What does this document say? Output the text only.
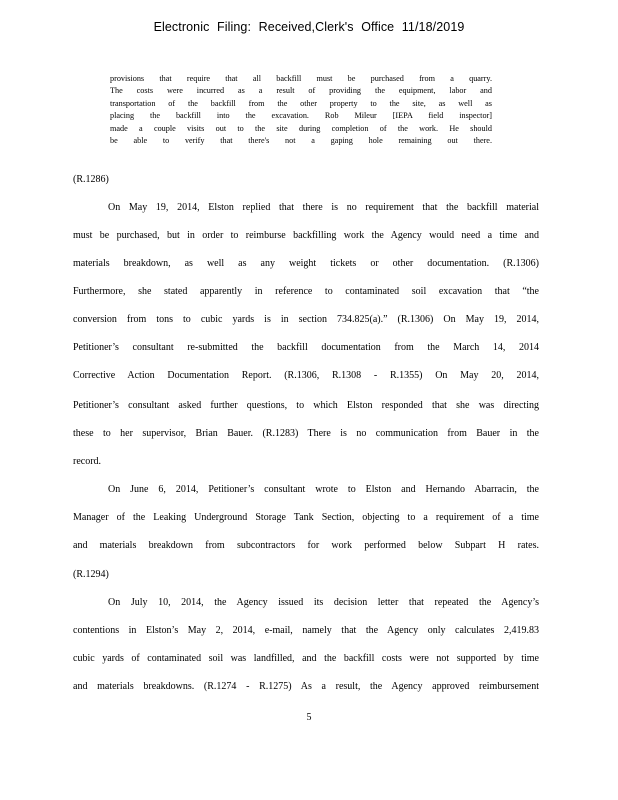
Electronic Filing: Received,Clerk's Office 11/18/2019
provisions that require that all backfill must be purchased from a quarry.
The costs were incurred as a result of providing the equipment, labor and
transportation of the backfill from the other property to the site, as well as
placing the backfill into the excavation. Rob Mileur [IEPA field inspector]
made a couple visits out to the site during completion of the work. He should
be able to verify that there's not a gaping hole remaining out there.
(R.1286)
On May 19, 2014, Elston replied that there is no requirement that the backfill material
must be purchased, but in order to reimburse backfilling work the Agency would need a time and
materials breakdown, as well as any weight tickets or other documentation. (R.1306)
Furthermore, she stated apparently in reference to contaminated soil excavation that “the
conversion from tons to cubic yards is in section 734.825(a).” (R.1306) On May 19, 2014,
Petitioner’s consultant re-submitted the backfill documentation from the March 14, 2014
Corrective Action Documentation Report. (R.1306, R.1308 - R.1355) On May 20, 2014,
Petitioner’s consultant asked further questions, to which Elston responded that she was directing
these to her supervisor, Brian Bauer. (R.1283) There is no communication from Bauer in the
record.
On June 6, 2014, Petitioner’s consultant wrote to Elston and Hernando Abarracin, the
Manager of the Leaking Underground Storage Tank Section, objecting to a requirement of a time
and materials breakdown from subcontractors for work performed below Subpart H rates.
(R.1294)
On July 10, 2014, the Agency issued its decision letter that repeated the Agency’s
contentions in Elston’s May 2, 2014, e-mail, namely that the Agency only calculates 2,419.83
cubic yards of contaminated soil was landfilled, and the backfill costs were not supported by time
and materials breakdowns. (R.1274 - R.1275) As a result, the Agency approved reimbursement
5
